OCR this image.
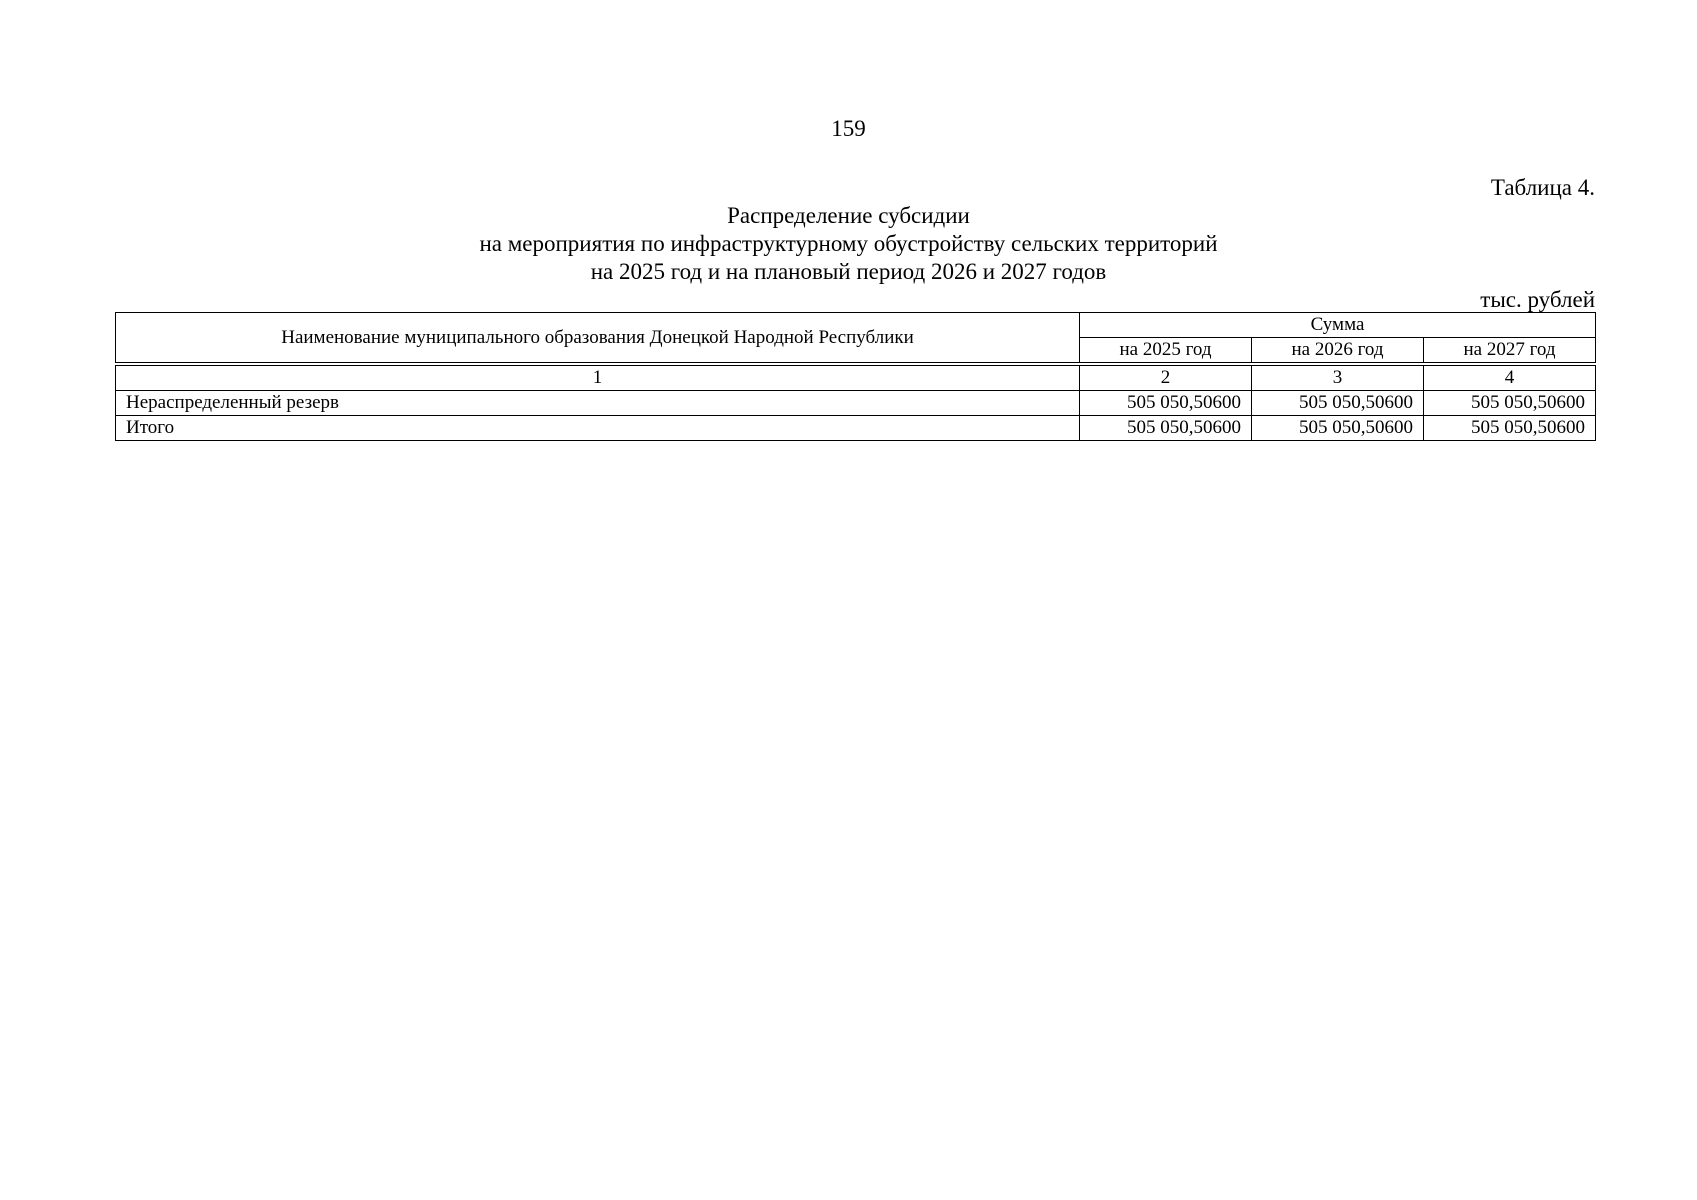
159
Таблица 4.
Распределение субсидии
на мероприятия по инфраструктурному обустройству сельских территорий
на 2025 год и на плановый период 2026 и 2027 годов
тыс. рублей
Наименование муниципального образования Донецкой Народной Республики	Сумма		
	на 2025 год	на 2026 год	на 2027 год
1	2	3	4
Нераспределенный резерв	505 050,50600	505 050,50600	505 050,50600
Итого	505 050,50600	505 050,50600	505 050,50600
